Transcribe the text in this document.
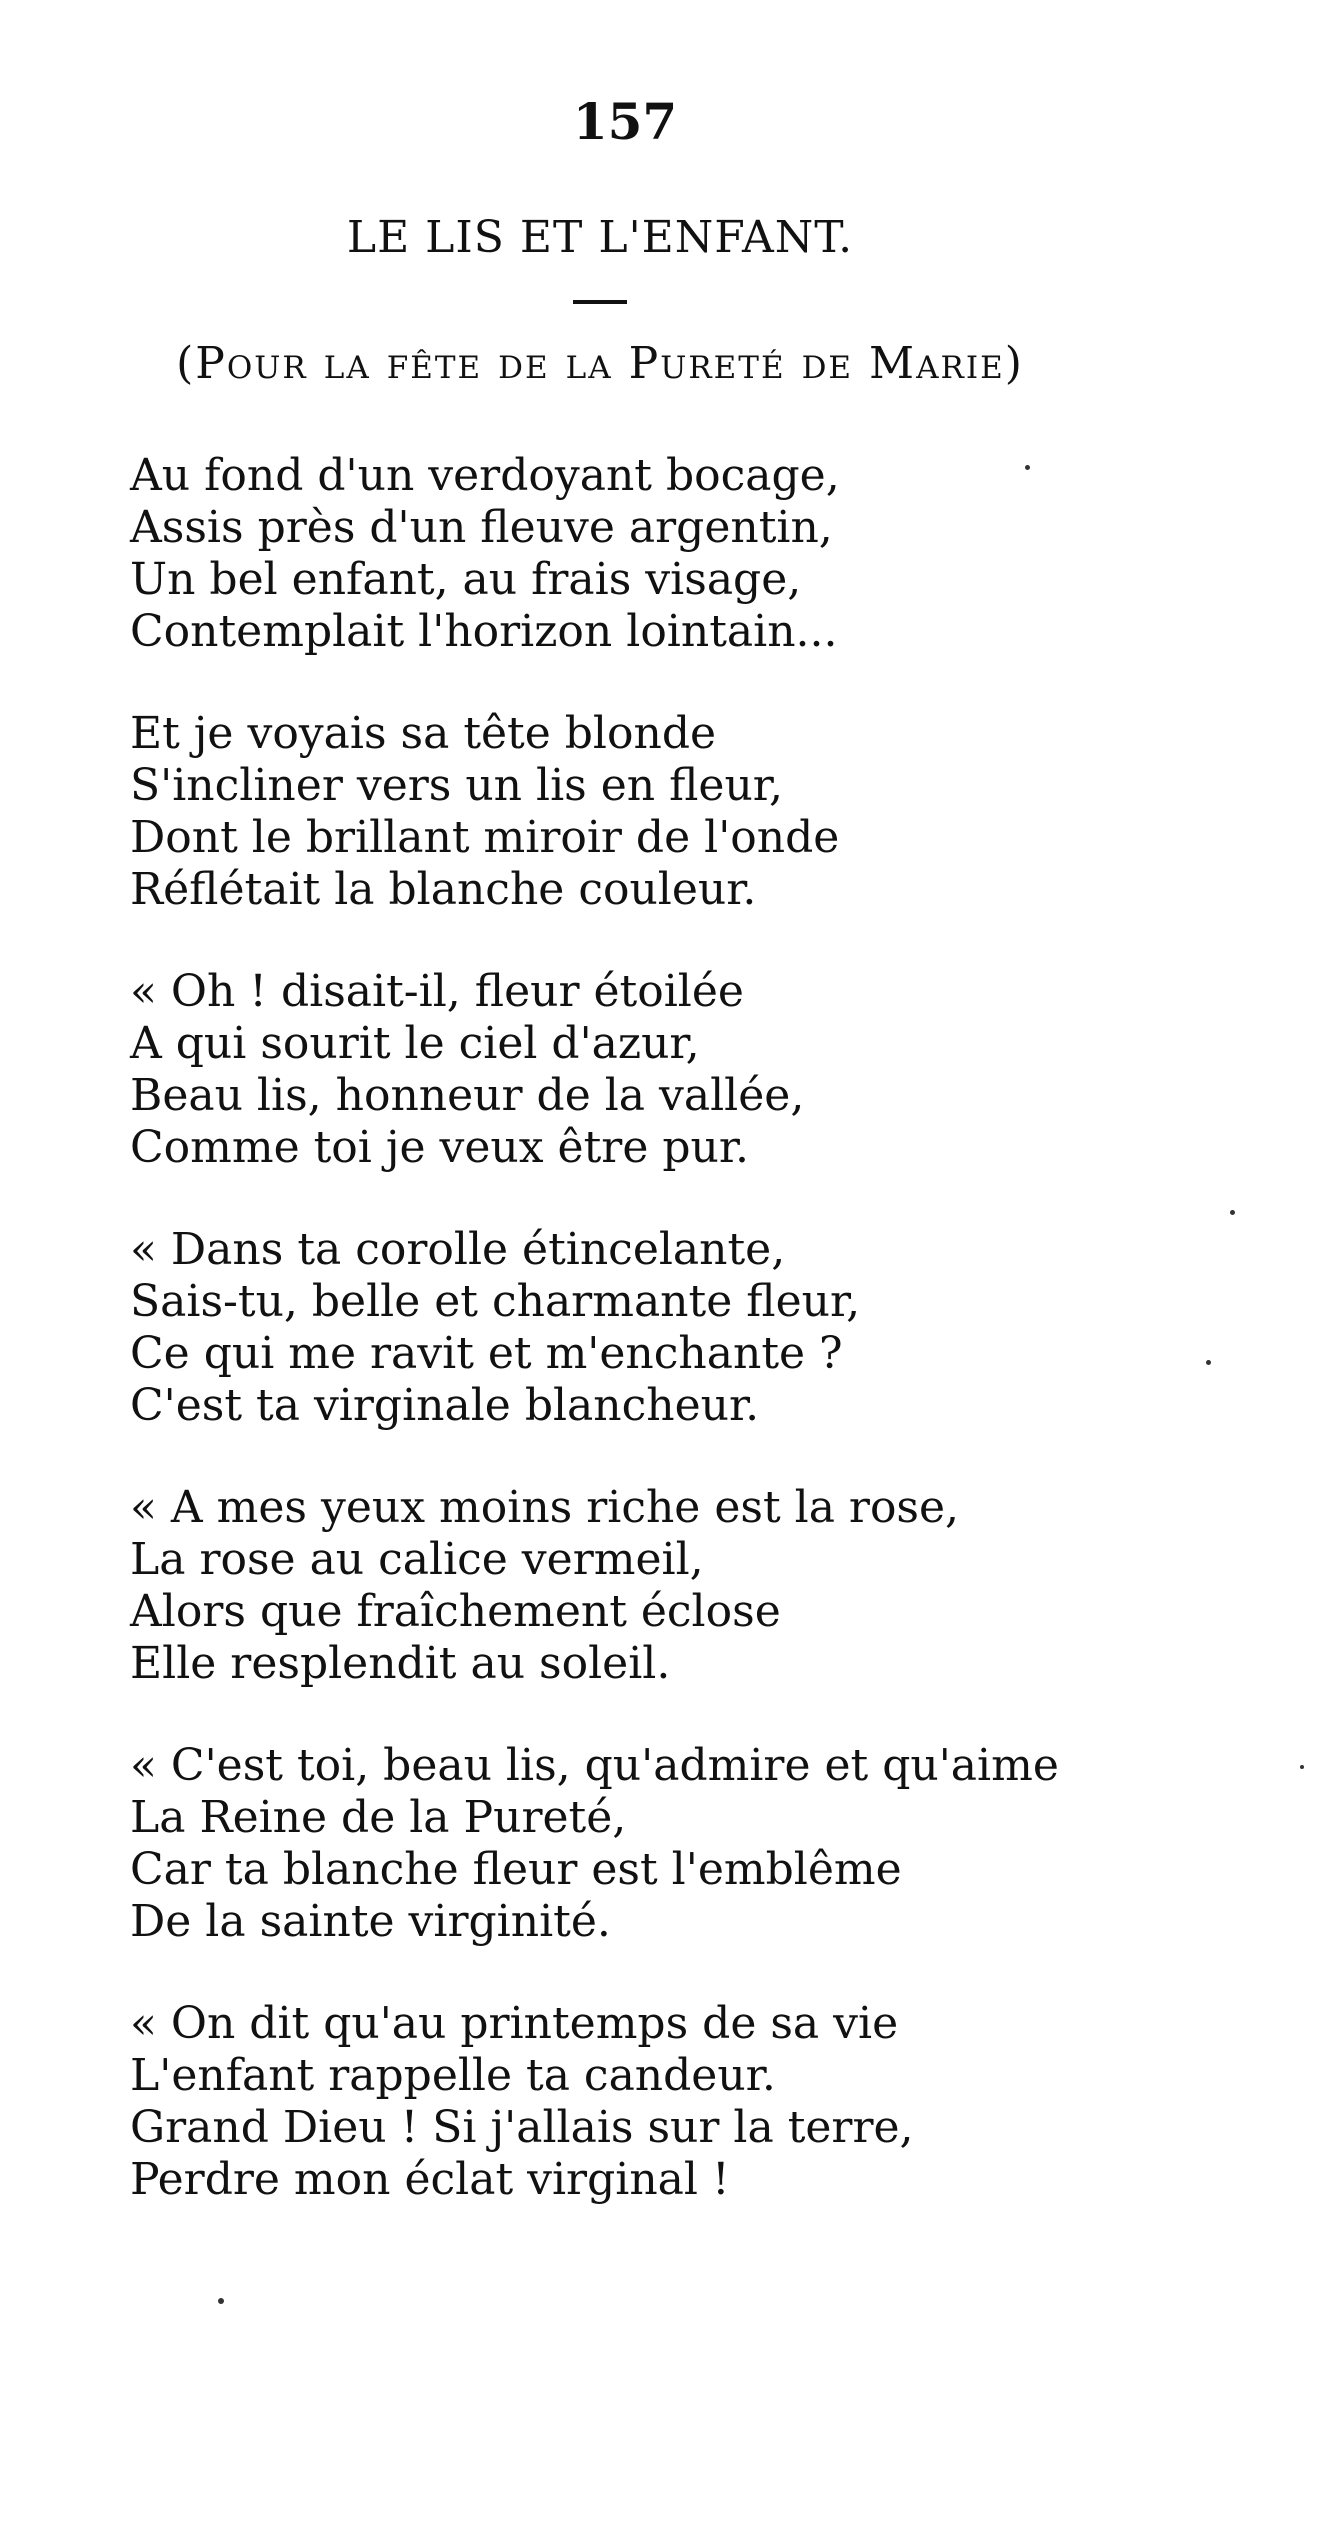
157
LE LIS ET L'ENFANT.
(Pour la fête de la Pureté de Marie)
Au fond d'un verdoyant bocage,
Assis près d'un fleuve argentin,
Un bel enfant, au frais visage,
Contemplait l'horizon lointain...
Et je voyais sa tête blonde
S'incliner vers un lis en fleur,
Dont le brillant miroir de l'onde
Réflétait la blanche couleur.
« Oh ! disait-il, fleur étoilée
A qui sourit le ciel d'azur,
Beau lis, honneur de la vallée,
Comme toi je veux être pur.
« Dans ta corolle étincelante,
Sais-tu, belle et charmante fleur,
Ce qui me ravit et m'enchante ?
C'est ta virginale blancheur.
« A mes yeux moins riche est la rose,
La rose au calice vermeil,
Alors que fraîchement éclose
Elle resplendit au soleil.
« C'est toi, beau lis, qu'admire et qu'aime
La Reine de la Pureté,
Car ta blanche fleur est l'emblême
De la sainte virginité.
« On dit qu'au printemps de sa vie
L'enfant rappelle ta candeur.
Grand Dieu ! Si j'allais sur la terre,
Perdre mon éclat virginal !
